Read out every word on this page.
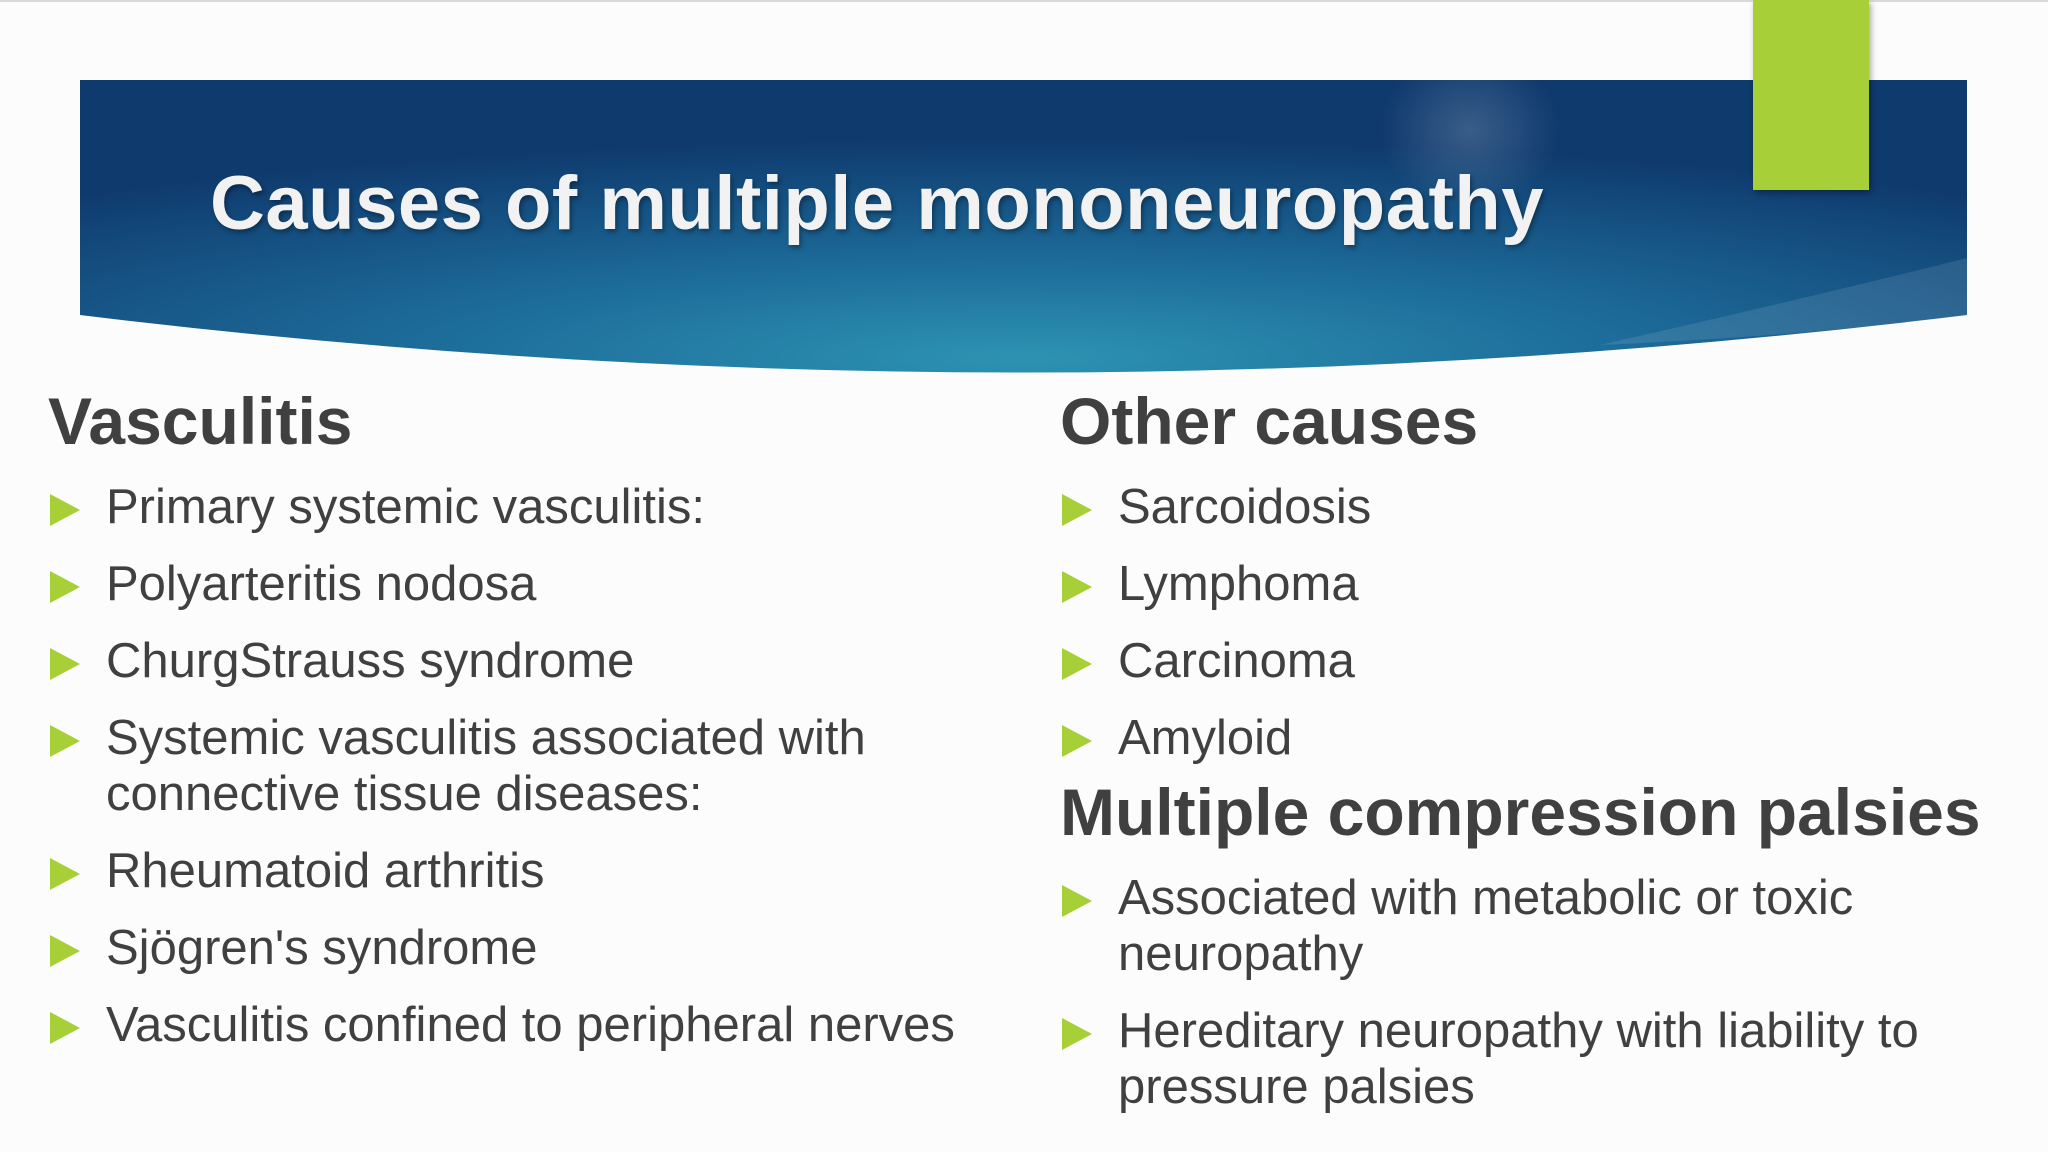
Causes of multiple mononeuropathy
Vasculitis
Primary systemic vasculitis:
Polyarteritis nodosa
ChurgStrauss syndrome
Systemic vasculitis associated with connective tissue diseases:
Rheumatoid arthritis
Sjögren's syndrome
Vasculitis confined to peripheral nerves
Other causes
Sarcoidosis
Lymphoma
Carcinoma
Amyloid
Multiple compression palsies
Associated with metabolic or toxic neuropathy
Hereditary neuropathy with liability to pressure palsies
